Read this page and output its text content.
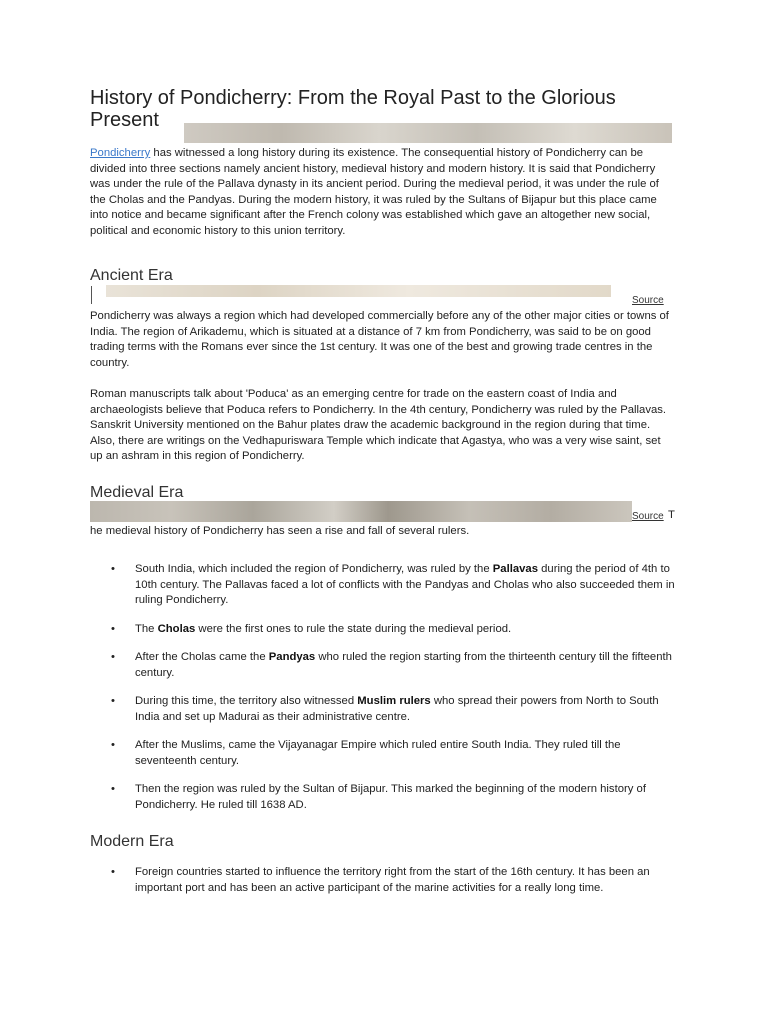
History of Pondicherry: From the Royal Past to the Glorious Present

Pondicherry has witnessed a long history during its existence. The consequential history of Pondicherry can be divided into three sections namely ancient history, medieval history and modern history. It is said that Pondicherry was under the rule of the Pallava dynasty in its ancient period. During the medieval period, it was under the rule of the Cholas and the Pandyas. During the modern history, it was ruled by the Sultans of Bijapur but this place came into notice and became significant after the French colony was established which gave an altogether new social, political and economic history to this union territory.

Ancient Era
Source

Pondicherry was always a region which had developed commercially before any of the other major cities or towns of India. The region of Arikademu, which is situated at a distance of 7 km from Pondicherry, was said to be on good trading terms with the Romans ever since the 1st century. It was one of the best and growing trade centres in the country.

Roman manuscripts talk about 'Poduca' as an emerging centre for trade on the eastern coast of India and archaeologists believe that Poduca refers to Pondicherry. In the 4th century, Pondicherry was ruled by the Pallavas. Sanskrit University mentioned on the Bahur plates draw the academic background in the region during that time. Also, there are writings on the Vedhapuriswara Temple which indicate that Agastya, who was a very wise saint, set up an ashram in this region of Pondicherry.

Medieval Era
Source T

he medieval history of Pondicherry has seen a rise and fall of several rulers.

• South India, which included the region of Pondicherry, was ruled by the Pallavas during the period of 4th to 10th century. The Pallavas faced a lot of conflicts with the Pandyas and Cholas who also succeeded them in ruling Pondicherry.
• The Cholas were the first ones to rule the state during the medieval period.
• After the Cholas came the Pandyas who ruled the region starting from the thirteenth century till the fifteenth century.
• During this time, the territory also witnessed Muslim rulers who spread their powers from North to South India and set up Madurai as their administrative centre.
• After the Muslims, came the Vijayanagar Empire which ruled entire South India. They ruled till the seventeenth century.
• Then the region was ruled by the Sultan of Bijapur. This marked the beginning of the modern history of Pondicherry. He ruled till 1638 AD.
Modern Era
• Foreign countries started to influence the territory right from the start of the 16th century. It has been an important port and has been an active participant of the marine activities for a really long time.
